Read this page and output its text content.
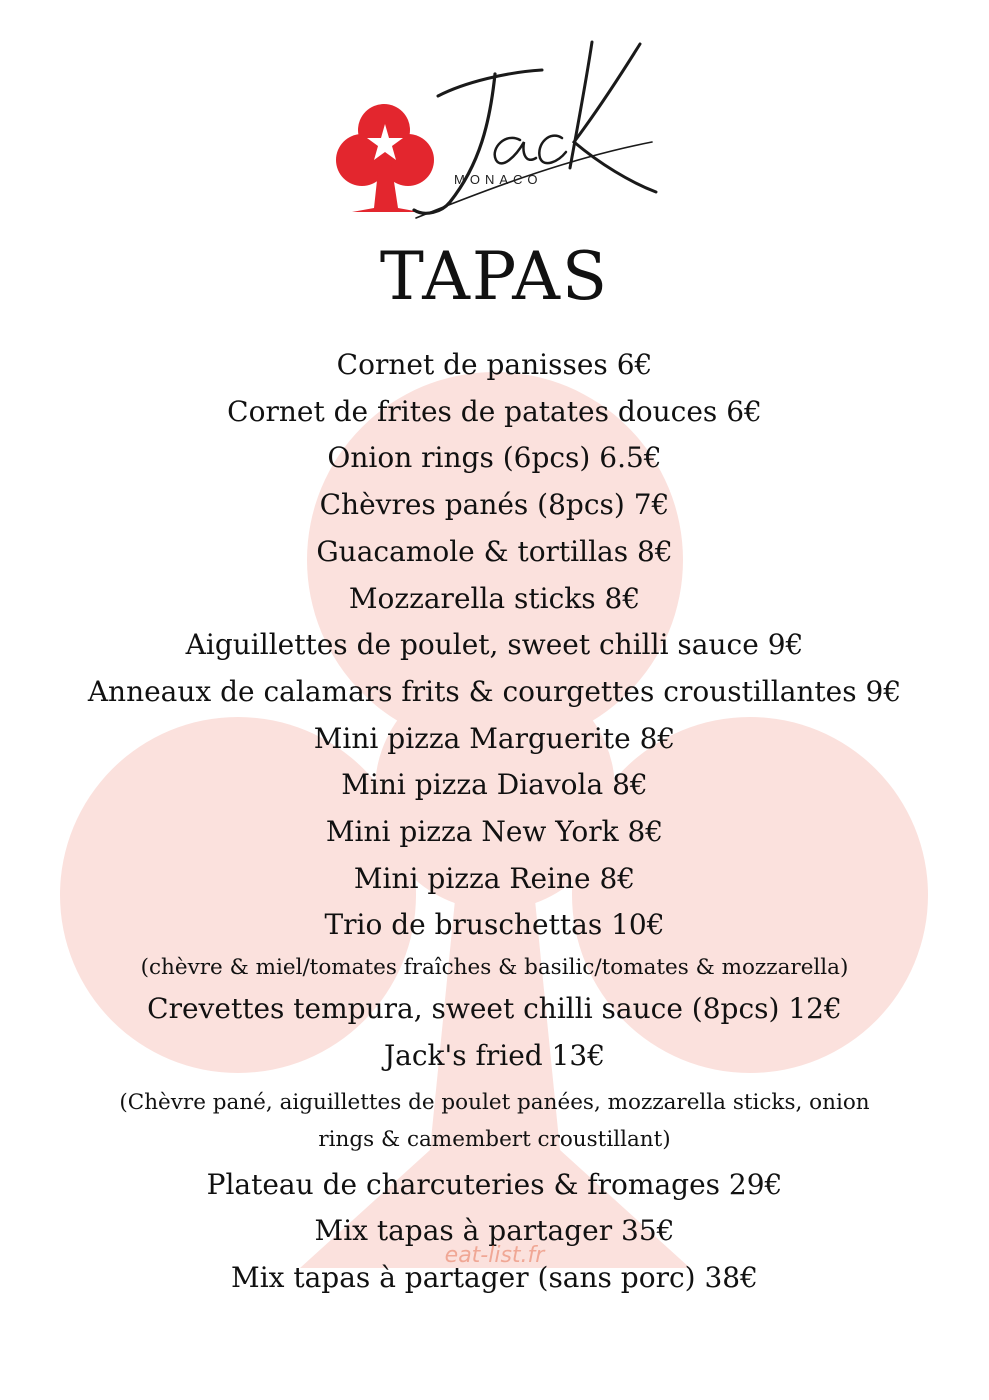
MONACO
TAPAS
Cornet de panisses 6€
Cornet de frites de patates douces 6€
Onion rings (6pcs) 6.5€
Chèvres panés (8pcs) 7€
Guacamole & tortillas 8€
Mozzarella sticks 8€
Aiguillettes de poulet, sweet chilli sauce 9€
Anneaux de calamars frits & courgettes croustillantes 9€
Mini pizza Marguerite 8€
Mini pizza Diavola 8€
Mini pizza New York 8€
Mini pizza Reine 8€
Trio de bruschettas 10€
(chèvre & miel/tomates fraîches & basilic/tomates & mozzarella)
Crevettes tempura, sweet chilli sauce (8pcs) 12€
Jack's fried 13€
(Chèvre pané, aiguillettes de poulet panées, mozzarella sticks, onion rings & camembert croustillant)
Plateau de charcuteries & fromages 29€
Mix tapas à partager 35€
Mix tapas à partager (sans porc) 38€
eat-list.fr
